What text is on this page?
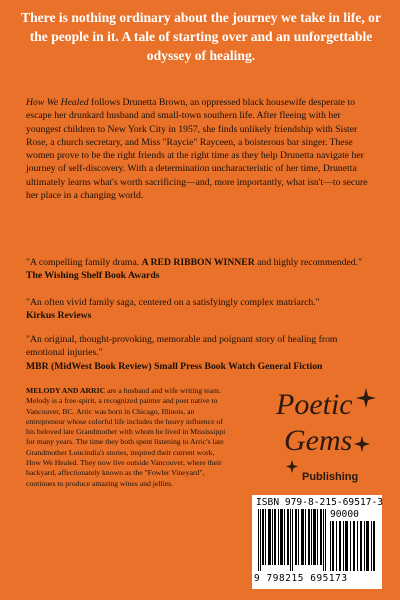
There is nothing ordinary about the journey we take in life, or the people in it. A tale of starting over and an unforgettable odyssey of healing.
How We Healed follows Drunetta Brown, an oppressed black housewife desperate to escape her drunkard husband and small-town southern life. After fleeing with her youngest children to New York City in 1957, she finds unlikely friendship with Sister Rose, a church secretary, and Miss "Raycie" Rayceen, a boisterous bar singer. These women prove to be the right friends at the right time as they help Drunetta navigate her journey of self-discovery. With a determination uncharacteristic of her time, Drunetta ultimately learns what's worth sacrificing—and, more importantly, what isn't—to secure her place in a changing world.
"A compelling family drama. A RED RIBBON WINNER and highly recommended."
The Wishing Shelf Book Awards
"An often vivid family saga, centered on a satisfyingly complex matriarch."
Kirkus Reviews
"An original, thought-provoking, memorable and poignant story of healing from emotional injuries."
MBR (MidWest Book Review) Small Press Book Watch General Fiction
MELODY AND ARRIC are a husband and wife writing team. Melody is a free-spirit, a recognized painter and poet native to Vancouver, BC. Arric was born in Chicago, Illinois, an entrepreneur whose colorful life includes the heavy influence of his beloved late Grandmother with whom he lived in Mississippi for many years. The time they both spent listening to Arric's late Grandmother Loucindia's stories, inspired their current work, How We Healed. They now live outside Vancouver, where their backyard, affectionately known as the "Fowler Vineyard", continues to produce amazing wines and jellies.
Poetic
Gems
Publishing
ISBN 979-8-215-69517-3
90000
9 798215 695173
